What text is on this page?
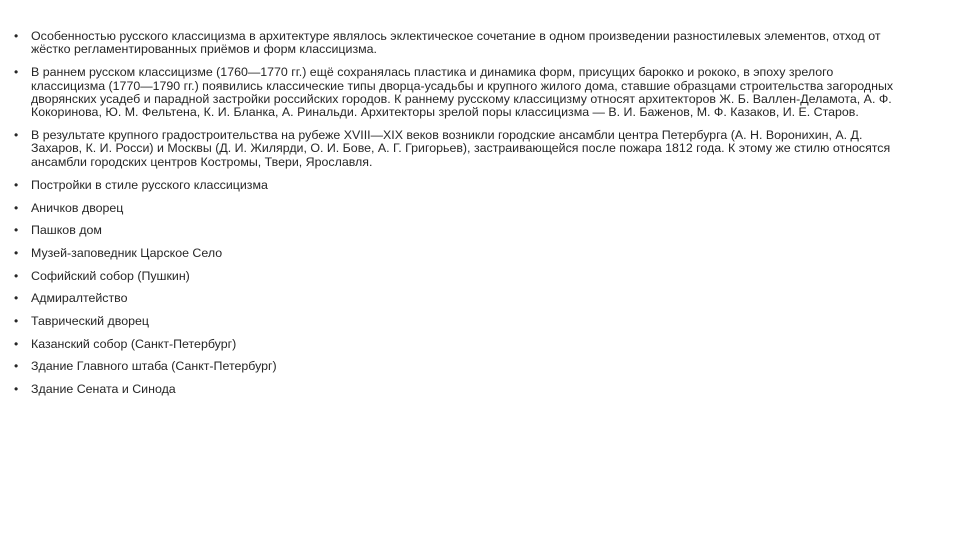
• Особенностью русского классицизма в архитектуре являлось эклектическое сочетание в одном произведении разностилевых элементов, отход от жёстко регламентированных приёмов и форм классицизма.
• В раннем русском классицизме (1760—1770 гг.) ещё сохранялась пластика и динамика форм, присущих барокко и рококо, в эпоху зрелого классицизма (1770—1790 гг.) появились классические типы дворца-усадьбы и крупного жилого дома, ставшие образцами строительства загородных дворянских усадеб и парадной застройки российских городов. К раннему русскому классицизму относят архитекторов Ж. Б. Валлен-Деламота, А. Ф. Кокоринова, Ю. М. Фельтена, К. И. Бланка, А. Ринальди. Архитекторы зрелой поры классицизма — В. И. Баженов, М. Ф. Казаков, И. Е. Старов.
• В результате крупного градостроительства на рубеже XVIII—XIX веков возникли городские ансамбли центра Петербурга (А. Н. Воронихин, А. Д. Захаров, К. И. Росси) и Москвы (Д. И. Жилярди, О. И. Бове, А. Г. Григорьев), застраивающейся после пожара 1812 года. К этому же стилю относятся ансамбли городских центров Костромы, Твери, Ярославля.
• Постройки в стиле русского классицизма
• Аничков дворец
• Пашков дом
• Музей-заповедник Царское Село
• Софийский собор (Пушкин)
• Адмиралтейство
• Таврический дворец
• Казанский собор (Санкт-Петербург)
• Здание Главного штаба (Санкт-Петербург)
• Здание Сената и Синода
